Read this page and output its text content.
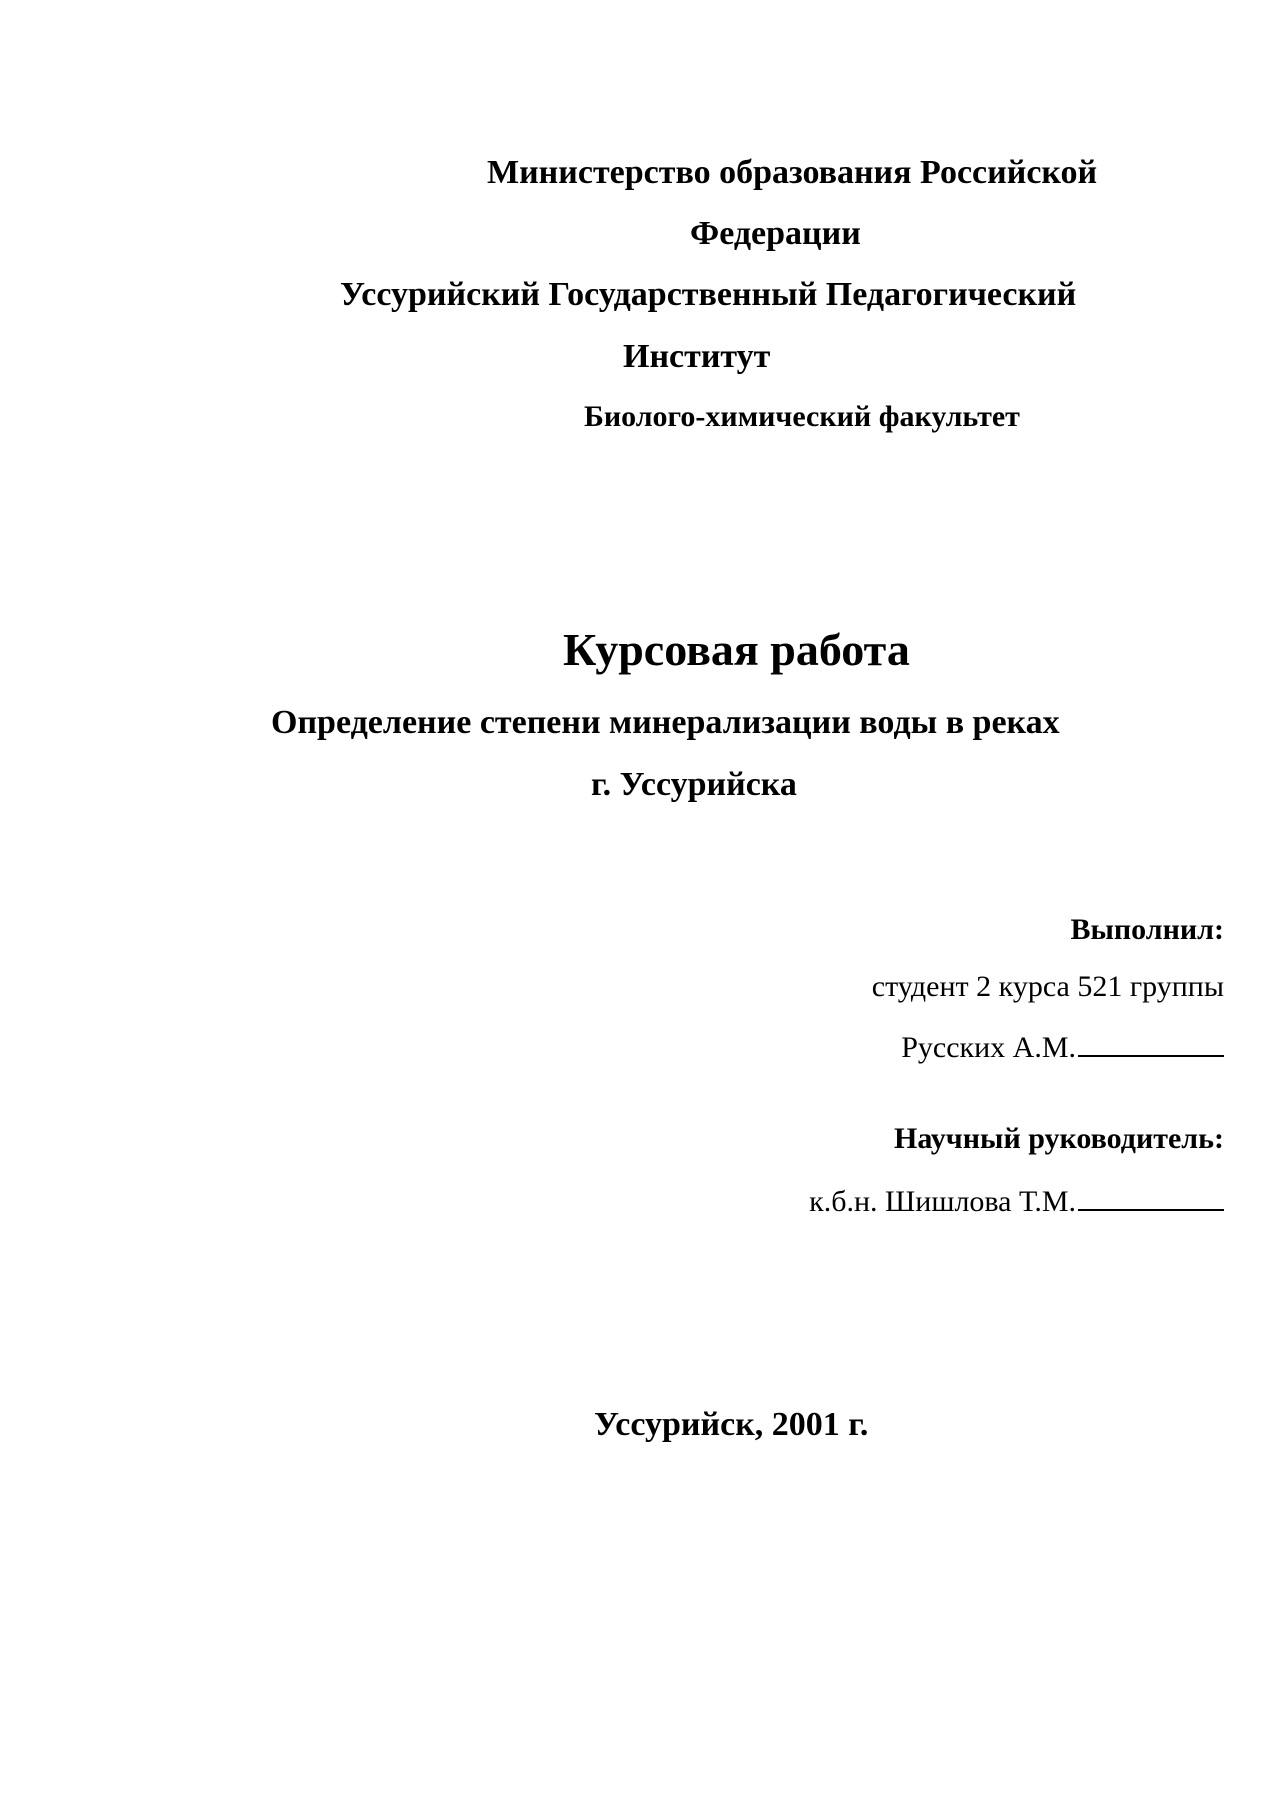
Министерство образования Российской
Федерации
Уссурийский Государственный Педагогический
Институт
Биолого-химический факультет
Курсовая работа
Определение степени минерализации воды в реках
г. Уссурийска
Выполнил:
студент 2 курса 521 группы
Русских А.М.
Научный руководитель:
к.б.н. Шишлова Т.М.
Уссурийск, 2001 г.
